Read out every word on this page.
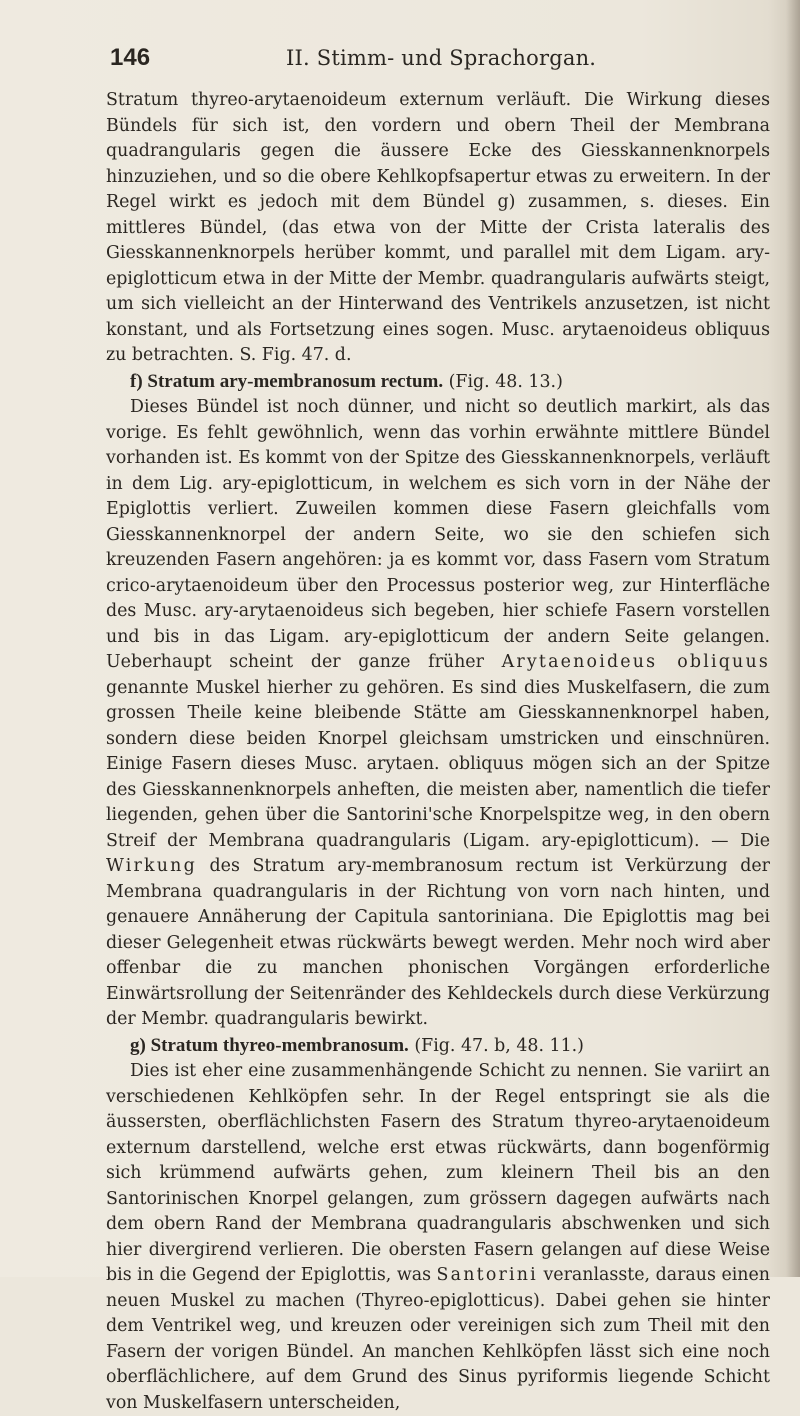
146	II. Stimm- und Sprachorgan.

Stratum thyreo-arytaenoideum externum verläuft. Die Wirkung dieses Bündels für sich ist, den vordern und obern Theil der Membrana quadrangularis gegen die äussere Ecke des Giesskannenknorpels hinzuziehen, und so die obere Kehlkopfsapertur etwas zu erweitern. In der Regel wirkt es jedoch mit dem Bündel g) zusammen, s. dieses. Ein mittleres Bündel, (das etwa von der Mitte der Crista lateralis des Giesskannenknorpels herüber kommt, und parallel mit dem Ligam. ary-epiglotticum etwa in der Mitte der Membr. quadrangularis aufwärts steigt, um sich vielleicht an der Hinterwand des Ventrikels anzusetzen, ist nicht konstant, und als Fortsetzung eines sogen. Musc. arytaenoideus obliquus zu betrachten. S. Fig. 47. d.

f) Stratum ary-membranosum rectum. (Fig. 48. 13.)

Dieses Bündel ist noch dünner, und nicht so deutlich markirt, als das vorige. Es fehlt gewöhnlich, wenn das vorhin erwähnte mittlere Bündel vorhanden ist. Es kommt von der Spitze des Giesskannenknorpels, verläuft in dem Lig. ary-epiglotticum, in welchem es sich vorn in der Nähe der Epiglottis verliert. Zuweilen kommen diese Fasern gleichfalls vom Giesskannenknorpel der andern Seite, wo sie den schiefen sich kreuzenden Fasern angehören: ja es kommt vor, dass Fasern vom Stratum crico-arytaenoideum über den Processus posterior weg, zur Hinterfläche des Musc. ary-arytaenoideus sich begeben, hier schiefe Fasern vorstellen und bis in das Ligam. ary-epiglotticum der andern Seite gelangen. Ueberhaupt scheint der ganze früher Arytaenoideus obliquus genannte Muskel hierher zu gehören. Es sind dies Muskelfasern, die zum grossen Theile keine bleibende Stätte am Giesskannenknorpel haben, sondern diese beiden Knorpel gleichsam umstricken und einschnüren. Einige Fasern dieses Musc. arytaen. obliquus mögen sich an der Spitze des Giesskannenknorpels anheften, die meisten aber, namentlich die tiefer liegenden, gehen über die Santorini'sche Knorpelspitze weg, in den obern Streif der Membrana quadrangularis (Ligam. ary-epiglotticum). — Die Wirkung des Stratum ary-membranosum rectum ist Verkürzung der Membrana quadrangularis in der Richtung von vorn nach hinten, und genauere Annäherung der Capitula santoriniana. Die Epiglottis mag bei dieser Gelegenheit etwas rückwärts bewegt werden. Mehr noch wird aber offenbar die zu manchen phonischen Vorgängen erforderliche Einwärtsrollung der Seitenränder des Kehldeckels durch diese Verkürzung der Membr. quadrangularis bewirkt.

g) Stratum thyreo-membranosum. (Fig. 47. b, 48. 11.)

Dies ist eher eine zusammenhängende Schicht zu nennen. Sie variirt an verschiedenen Kehlköpfen sehr. In der Regel entspringt sie als die äussersten, oberflächlichsten Fasern des Stratum thyreo-arytaenoideum externum darstellend, welche erst etwas rückwärts, dann bogenförmig sich krümmend aufwärts gehen, zum kleinern Theil bis an den Santorinischen Knorpel gelangen, zum grössern dagegen aufwärts nach dem obern Rand der Membrana quadrangularis abschwenken und sich hier divergirend verlieren. Die obersten Fasern gelangen auf diese Weise bis in die Gegend der Epiglottis, was Santorini veranlasste, daraus einen neuen Muskel zu machen (Thyreo-epiglotticus). Dabei gehen sie hinter dem Ventrikel weg, und kreuzen oder vereinigen sich zum Theil mit den Fasern der vorigen Bündel. An manchen Kehlköpfen lässt sich eine noch oberflächlichere, auf dem Grund des Sinus pyriformis liegende Schicht von Muskelfasern unterscheiden,
